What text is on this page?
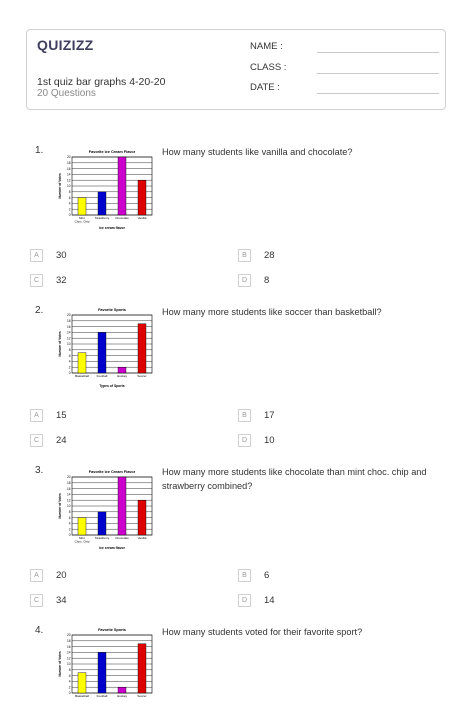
QUIZIZZ
1st quiz bar graphs 4-20-20
20 Questions
NAME :
CLASS :
DATE :
1.	How many students like vanilla and chocolate?
Favorite Ice Cream Flavor
0
2
4
6
8
10
12
14
16
18
20
Mint
Choc. Chip
Strawberry Chocolate	Vanilla
Ice cream flavor
Number of Votes
A	30	B	28
C	32	D	8
2.	How many more students like soccer than basketball?
Favorite Sports
0
2
4
6
8
10
12
14
16
18
20
Basketball	Football	Hockey	Soccer
Types of Sports
Number of Votes
A	15	B	17
C	24	D	10
3.	How many more students like chocolate than mint choc. chip and strawberry combined?
Favorite Ice Cream Flavor
0
2
4
6
8
10
12
14
16
18
20
Mint
Choc. Chip
Strawberry Chocolate	Vanilla
Ice cream flavor
Number of Votes
A	20	B	6
C	34	D	14
4.	How many students voted for their favorite sport?
Favorite Sports
0
2
4
6
8
10
12
14
16
18
20
Basketball	Football	Hockey	Soccer
Number of Votes
